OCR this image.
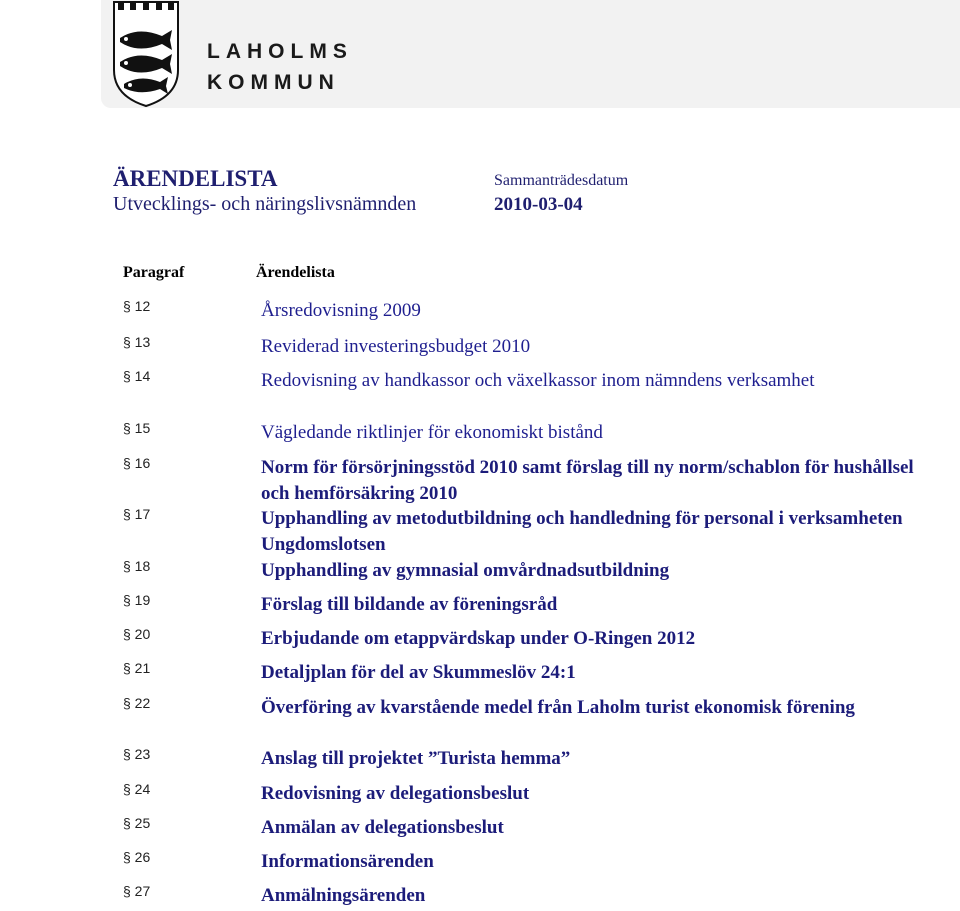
LAHOLMS
KOMMUN
ÄRENDELISTA
Utvecklings- och näringslivsnämnden
Sammanträdesdatum
2010-03-04
Paragraf	Ärendelista
§ 12	Årsredovisning 2009
§ 13	Reviderad investeringsbudget 2010
§ 14	Redovisning av handkassor och växelkassor inom nämndens verksamhet
§ 15	Vägledande riktlinjer för ekonomiskt bistånd
§ 16	Norm för försörjningsstöd 2010 samt förslag till ny norm/schablon för hushållsel och hemförsäkring 2010
§ 17	Upphandling av metodutbildning och handledning för personal i verksamheten Ungdomslotsen
§ 18	Upphandling av gymnasial omvårdnadsutbildning
§ 19	Förslag till bildande av föreningsråd
§ 20	Erbjudande om etappvärdskap under O-Ringen 2012
§ 21	Detaljplan för del av Skummeslöv 24:1
§ 22	Överföring av kvarstående medel från Laholm turist ekonomisk förening
§ 23	Anslag till projektet ”Turista hemma”
§ 24	Redovisning av delegationsbeslut
§ 25	Anmälan av delegationsbeslut
§ 26	Informationsärenden
§ 27	Anmälningsärenden
